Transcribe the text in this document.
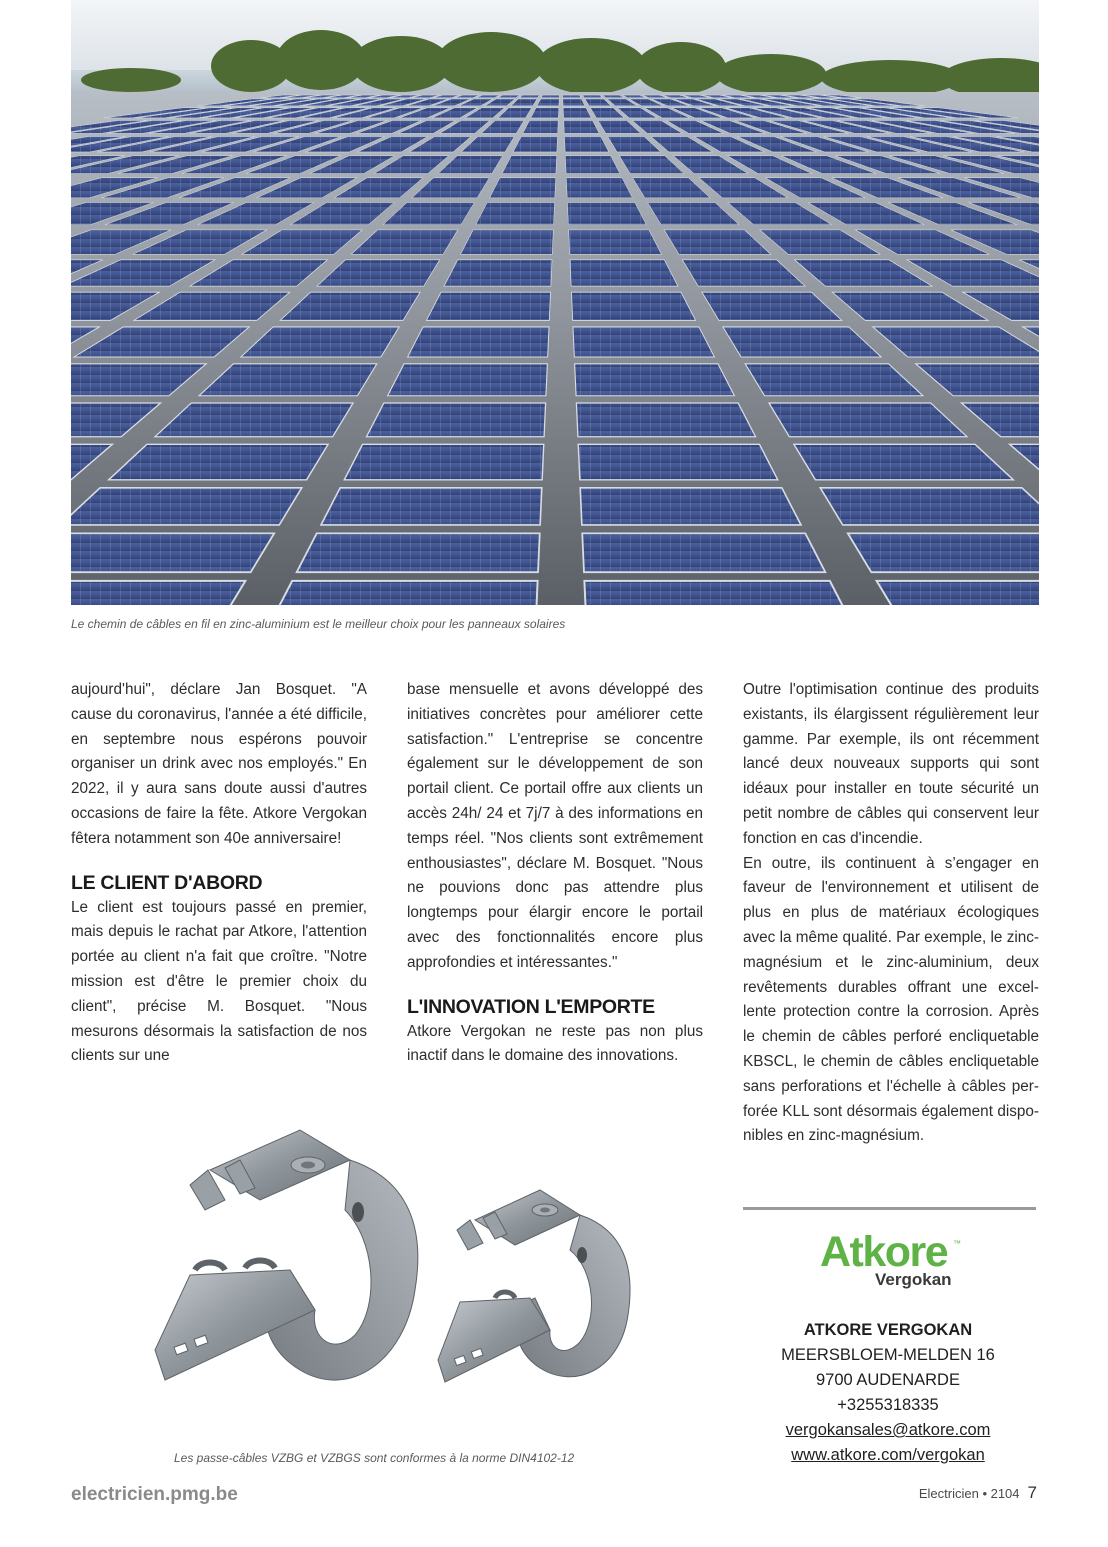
Le chemin de câbles en fil en zinc-aluminium est le meilleur choix pour les panneaux solaires

aujourd'hui", déclare Jan Bosquet. "A cause du coronavirus, l'année a été difficile, en septembre nous espérons pouvoir organiser un drink avec nos employés." En 2022, il y aura sans doute aussi d'autres occasions de faire la fête. Atkore Vergokan fêtera notamment son 40e anniversaire!

LE CLIENT D'ABORD

Le client est toujours passé en premier, mais depuis le rachat par Atkore, l'attention portée au client n'a fait que croître. "Notre mission est d'être le premier choix du client", précise M. Bosquet. "Nous mesurons désormais la satisfaction de nos clients sur une

base mensuelle et avons développé des initiatives concrètes pour améliorer cette satisfaction." L'entreprise se concentre également sur le développement de son portail client. Ce portail offre aux clients un accès 24h/ 24 et 7j/7 à des informations en temps réel. "Nos clients sont extrêmement enthousiastes", déclare M. Bosquet. "Nous ne pouvions donc pas attendre plus longtemps pour élargir encore le portail avec des fonctionnalités encore plus approfondies et intéressantes."

L'INNOVATION L'EMPORTE

Atkore Vergokan ne reste pas non plus inactif dans le domaine des innovations.

Outre l'optimisation continue des produits existants, ils élargissent régulièrement leur gamme. Par exemple, ils ont récemment lancé deux nouveaux supports qui sont idéaux pour installer en toute sécurité un petit nombre de câbles qui conservent leur fonction en cas d'incendie.

En outre, ils continuent à s’engager en faveur de l'environnement et utilisent de plus en plus de matériaux écologiques avec la même qualité. Par exemple, le zinc-magnésium et le zinc-aluminium, deux revêtements durables offrant une excellente protection contre la corrosion. Après le chemin de câbles perforé encliquetable KBSCL, le chemin de câbles encliquetable sans perforations et l'échelle à câbles perforée KLL sont désormais également disponibles en zinc-magnésium.

Les passe-câbles VZBG et VZBGS sont conformes à la norme DIN4102-12
Atkore ™
Vergokan
ATKORE VERGOKAN
MEERSBLOEM-MELDEN 16
9700 AUDENARDE
+3255318335
vergokansales@atkore.com
www.atkore.com/vergokan
electricien.pmg.be	Electricien • 2104 7
